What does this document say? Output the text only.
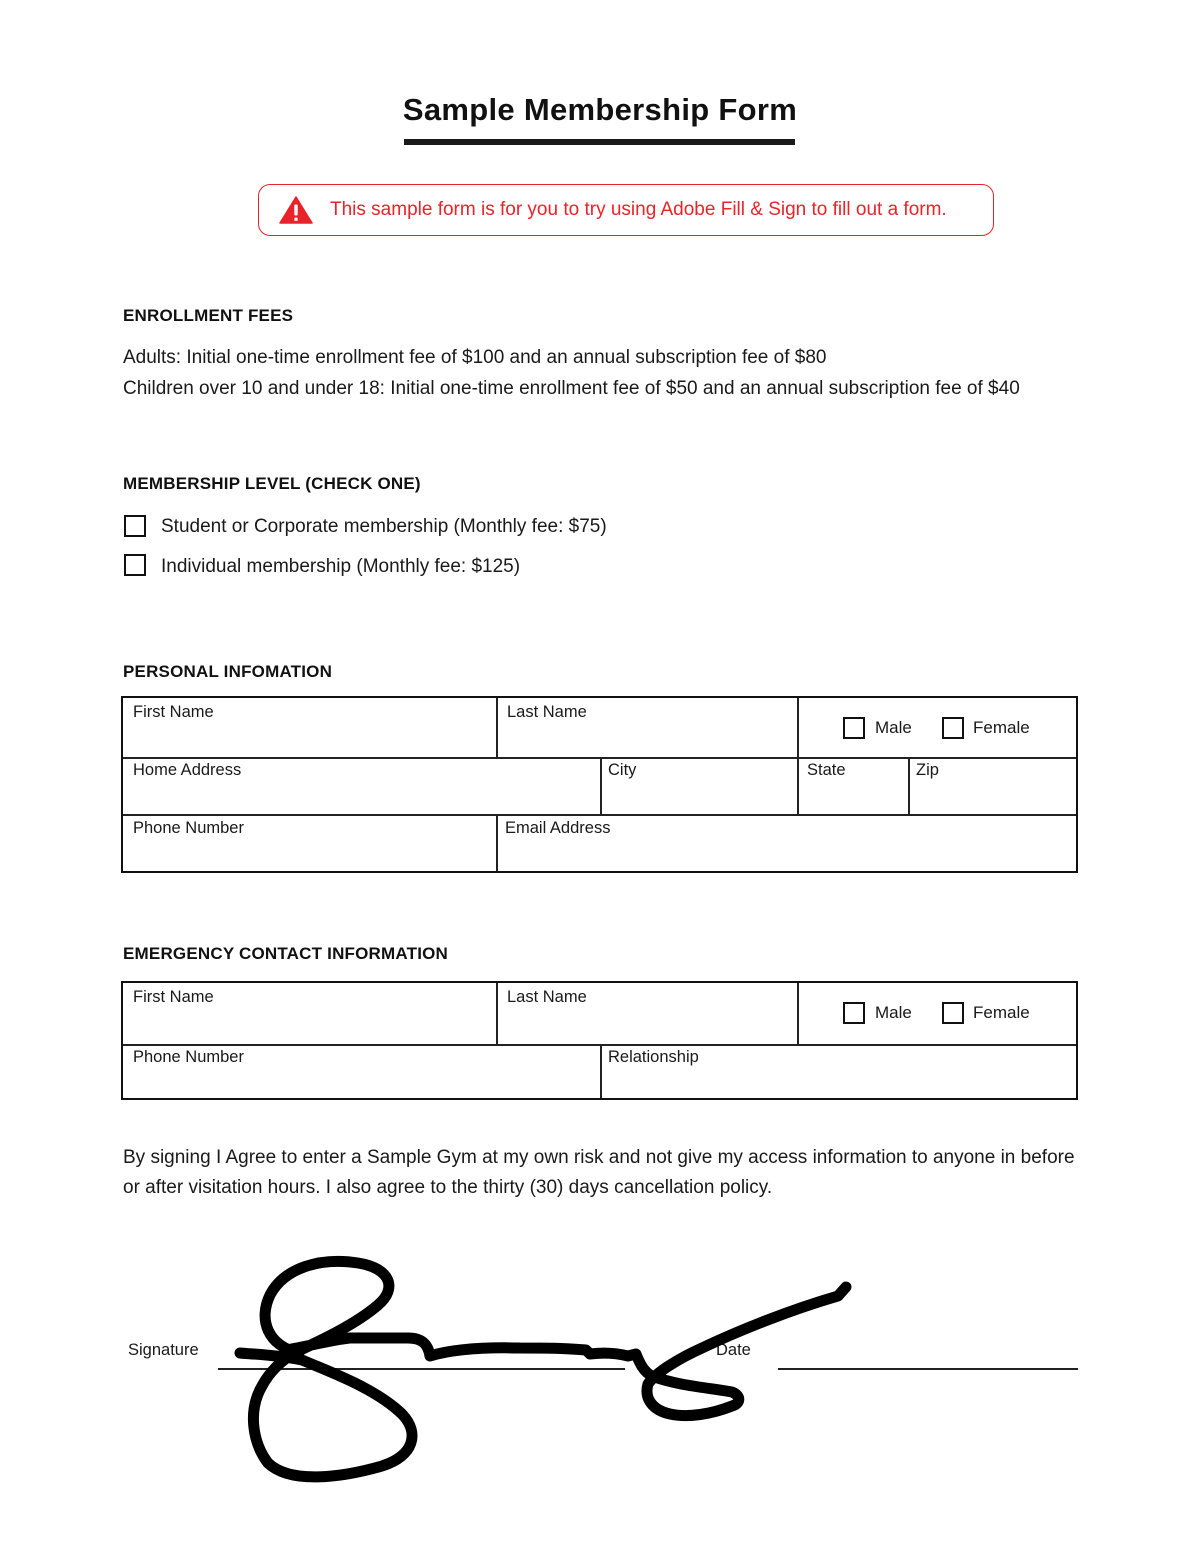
Sample Membership Form
This sample form is for you to try using Adobe Fill & Sign to fill out a form.
ENROLLMENT FEES
Adults: Initial one-time enrollment fee of $100 and an annual subscription fee of $80
Children over 10 and under 18: Initial one-time enrollment fee of $50 and an annual subscription fee of $40
MEMBERSHIP LEVEL (CHECK ONE)
Student or Corporate membership (Monthly fee: $75)
Individual membership (Monthly fee: $125)
PERSONAL INFOMATION
First Name	Last Name
Male	Female
Home Address	City	State	Zip
Phone Number	Email Address
EMERGENCY CONTACT INFORMATION
First Name	Last Name
Male	Female
Phone Number	Relationship
By signing I Agree to enter a Sample Gym at my own risk and not give my access information to anyone in before
or after visitation hours. I also agree to the thirty (30) days cancellation policy.
Signature	Date
